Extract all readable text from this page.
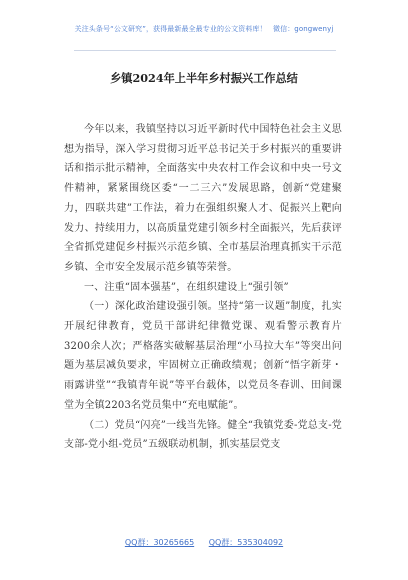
关注头条号“公文研究”，获得最新最全最专业的公文资料库！ 微信：gongwenyj
乡镇2024年上半年乡村振兴工作总结

今年以来，我镇坚持以习近平新时代中国特色社会主义思想为指导，深入学习贯彻习近平总书记关于乡村振兴的重要讲话和指示批示精神，全面落实中央农村工作会议和中央一号文件精神，紧紧围绕区委“一二三六”发展思路，创新“党建聚力，四联共建”工作法，着力在强组织聚人才、促振兴上靶向发力、持续用力，以高质量党建引领乡村全面振兴，先后获评全省抓党建促乡村振兴示范乡镇、全市基层治理真抓实干示范乡镇、全市安全发展示范乡镇等荣誉。

一、注重“固本强基”，在组织建设上“强引领”

（一）深化政治建设强引领。坚持“第一议题”制度，扎实开展纪律教育，党员干部讲纪律微党课、观看警示教育片3200余人次；严格落实破解基层治理“小马拉大车”等突出问题为基层减负要求，牢固树立正确政绩观；创新“悟字新芽・雨露讲堂”“我镇青年说”等平台载体，以党员冬春训、田间课堂为全镇2203名党员集中“充电赋能”。

（二）党员“闪亮”一线当先锋。健全“我镇党委-党总支-党支部-党小组-党员”五级联动机制，抓实基层党支

QQ群：30265665 QQ群：535304092
